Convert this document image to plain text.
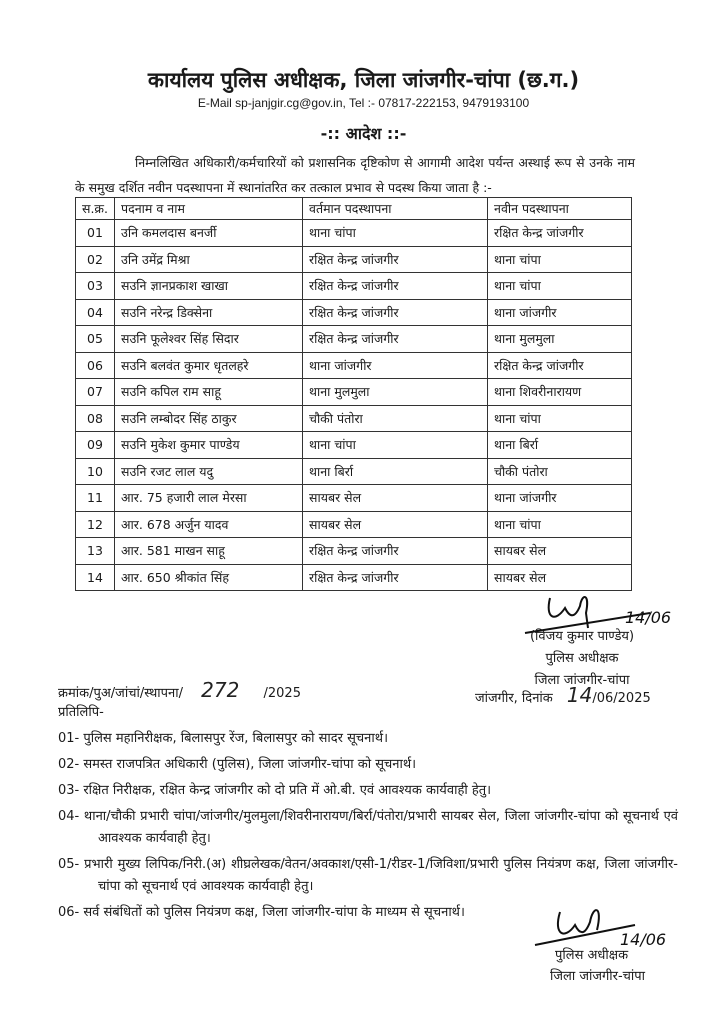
कार्यालय पुलिस अधीक्षक, जिला जांजगीर-चांपा (छ.ग.)
E-Mail sp-janjgir.cg@gov.in, Tel :- 07817-222153, 9479193100
-:: आदेश ::-
निम्नलिखित अधिकारी/कर्मचारियों को प्रशासनिक दृष्टिकोण से आगामी आदेश पर्यन्त अस्थाई रूप से उनके नाम के समुख दर्शित नवीन पदस्थापना में स्थानांतरित कर तत्काल प्रभाव से पदस्थ किया जाता है :-
स.क्र.	पदनाम व नाम	वर्तमान पदस्थापना	नवीन पदस्थापना
01	उनि कमलदास बनर्जी	थाना चांपा	रक्षित केन्द्र जांजगीर
02	उनि उमेंद्र मिश्रा	रक्षित केन्द्र जांजगीर	थाना चांपा
03	सउनि ज्ञानप्रकाश खाखा	रक्षित केन्द्र जांजगीर	थाना चांपा
04	सउनि नरेन्द्र डिक्सेना	रक्षित केन्द्र जांजगीर	थाना जांजगीर
05	सउनि फूलेश्वर सिंह सिदार	रक्षित केन्द्र जांजगीर	थाना मुलमुला
06	सउनि बलवंत कुमार धृतलहरे	थाना जांजगीर	रक्षित केन्द्र जांजगीर
07	सउनि कपिल राम साहू	थाना मुलमुला	थाना शिवरीनारायण
08	सउनि लम्बोदर सिंह ठाकुर	चौकी पंतोरा	थाना चांपा
09	सउनि मुकेश कुमार पाण्डेय	थाना चांपा	थाना बिर्रा
10	सउनि रजट लाल यदु	थाना बिर्रा	चौकी पंतोरा
11	आर. 75 हजारी लाल मेरसा	सायबर सेल	थाना जांजगीर
12	आर. 678 अर्जुन यादव	सायबर सेल	थाना चांपा
13	आर. 581 माखन साहू	रक्षित केन्द्र जांजगीर	सायबर सेल
14	आर. 650 श्रीकांत सिंह	रक्षित केन्द्र जांजगीर	सायबर सेल
14/06
(विजय कुमार पाण्डेय)
पुलिस अधीक्षक
जिला जांजगीर-चांपा
क्रमांक/पुअ/जांचां/स्थापना/ 272 /2025	जांजगीर, दिनांक 14/06/2025
प्रतिलिपि-
01- पुलिस महानिरीक्षक, बिलासपुर रेंज, बिलासपुर को सादर सूचनार्थ।
02- समस्त राजपत्रित अधिकारी (पुलिस), जिला जांजगीर-चांपा को सूचनार्थ।
03- रक्षित निरीक्षक, रक्षित केन्द्र जांजगीर को दो प्रति में ओ.बी. एवं आवश्यक कार्यवाही हेतु।
04- थाना/चौकी प्रभारी चांपा/जांजगीर/मुलमुला/शिवरीनारायण/बिर्रा/पंतोरा/प्रभारी सायबर सेल, जिला जांजगीर-चांपा को सूचनार्थ एवं आवश्यक कार्यवाही हेतु।
05- प्रभारी मुख्य लिपिक/निरी.(अ) शीघ्रलेखक/वेतन/अवकाश/एसी-1/रीडर-1/जिविशा/प्रभारी पुलिस नियंत्रण कक्ष, जिला जांजगीर-चांपा को सूचनार्थ एवं आवश्यक कार्यवाही हेतु।
06- सर्व संबंधितों को पुलिस नियंत्रण कक्ष, जिला जांजगीर-चांपा के माध्यम से सूचनार्थ।
14/06
पुलिस अधीक्षक
जिला जांजगीर-चांपा
